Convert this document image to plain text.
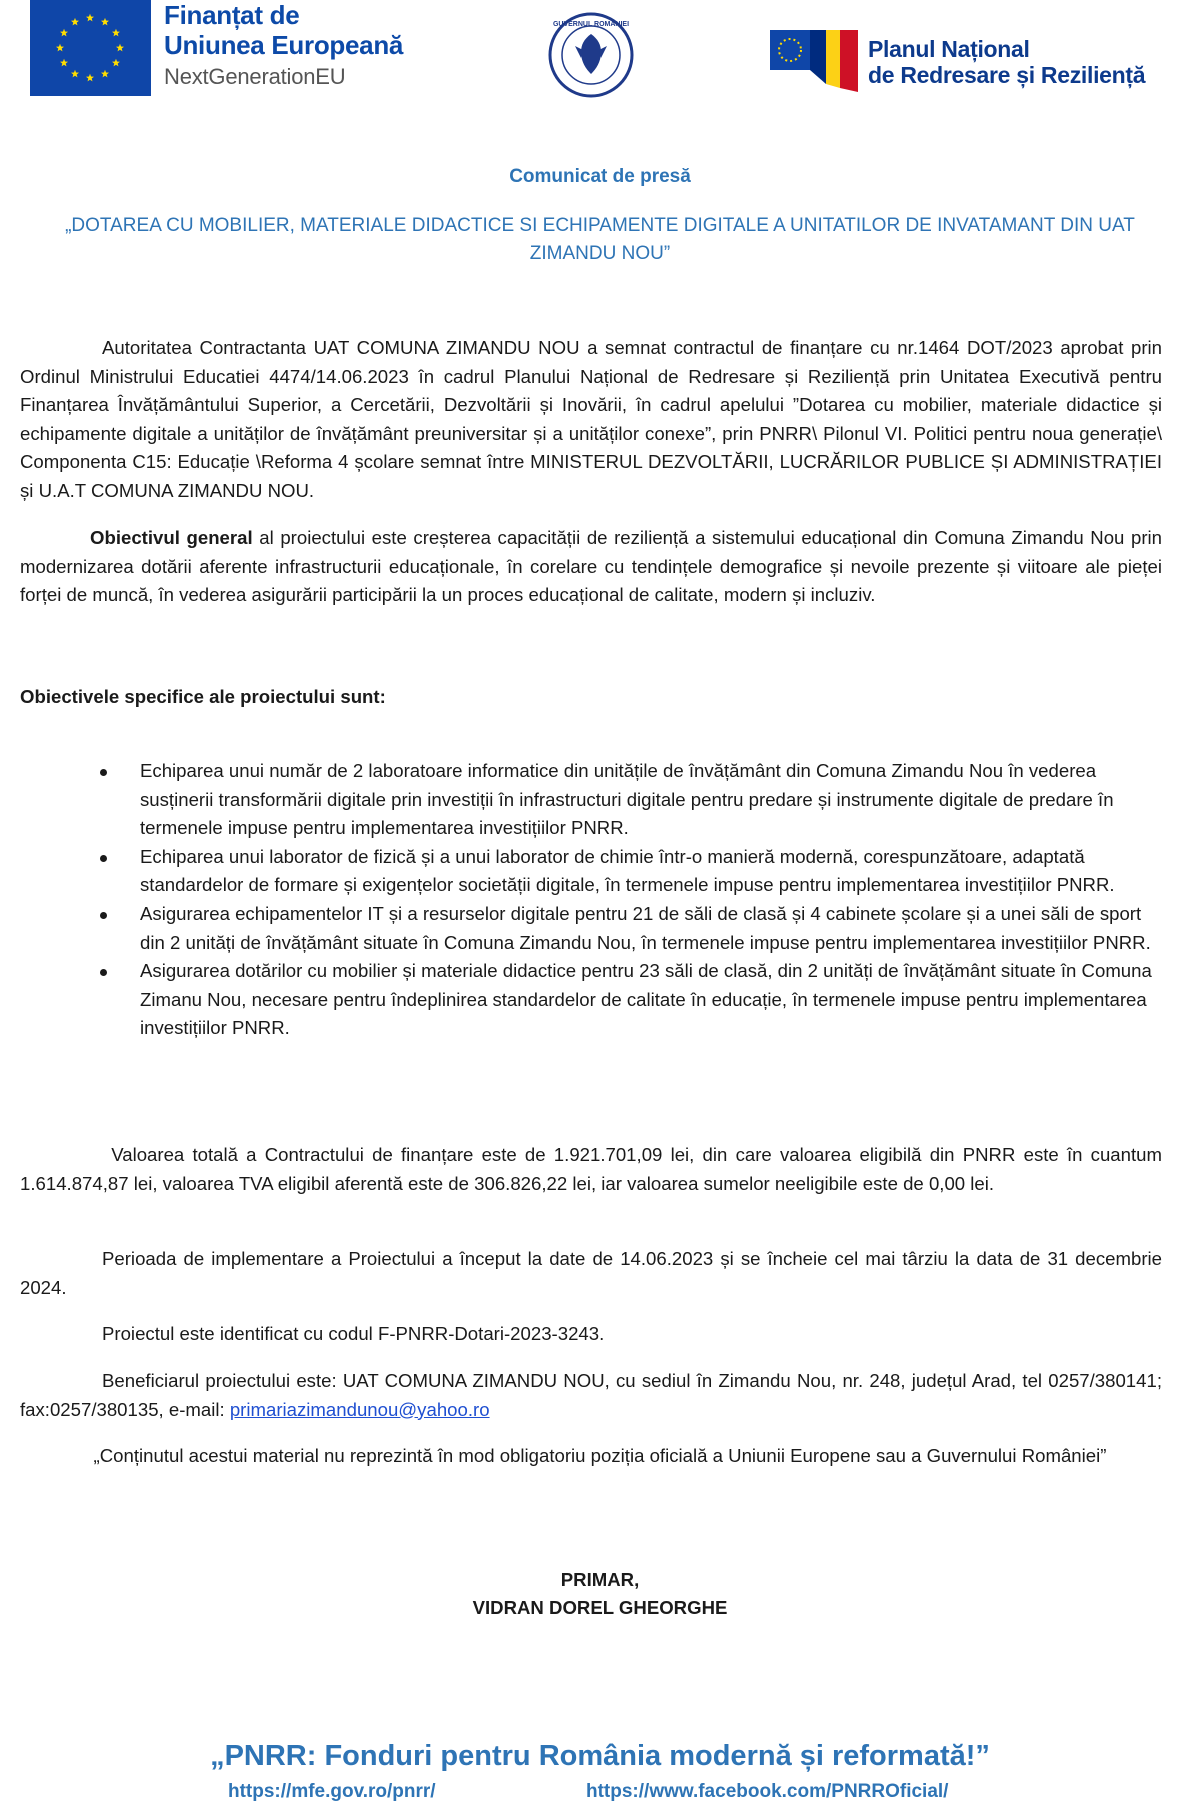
Finanțat de
Uniunea Europeană
NextGenerationEU
GUVERNUL ROMÂNIEI
Planul Național
de Redresare și Reziliență
Comunicat de presă
„DOTAREA CU MOBILIER, MATERIALE DIDACTICE SI ECHIPAMENTE DIGITALE A UNITATILOR DE INVATAMANT DIN UAT ZIMANDU NOU”
Autoritatea Contractanta UAT COMUNA ZIMANDU NOU a semnat contractul de finanțare cu nr.1464 DOT/2023 aprobat prin Ordinul Ministrului Educatiei 4474/14.06.2023 în cadrul Planului Național de Redresare și Reziliență prin Unitatea Executivă pentru Finanțarea Învățământului Superior, a Cercetării, Dezvoltării și Inovării, în cadrul apelului ”Dotarea cu mobilier, materiale didactice și echipamente digitale a unităților de învățământ preuniversitar și a unităților conexe”, prin PNRR\ Pilonul VI. Politici pentru noua generație\ Componenta C15: Educație \Reforma 4 școlare semnat între MINISTERUL DEZVOLTĂRII, LUCRĂRILOR PUBLICE ȘI ADMINISTRAȚIEI și U.A.T COMUNA ZIMANDU NOU.
Obiectivul general al proiectului este creșterea capacității de reziliență a sistemului educațional din Comuna Zimandu Nou prin modernizarea dotării aferente infrastructurii educaționale, în corelare cu tendințele demografice și nevoile prezente și viitoare ale pieței forței de muncă, în vederea asigurării participării la un proces educațional de calitate, modern și incluziv.
Obiectivele specifice ale proiectului sunt:
Echiparea unui număr de 2 laboratoare informatice din unitățile de învățământ din Comuna Zimandu Nou în vederea susținerii transformării digitale prin investiții în infrastructuri digitale pentru predare și instrumente digitale de predare în termenele impuse pentru implementarea investițiilor PNRR.
Echiparea unui laborator de fizică și a unui laborator de chimie într-o manieră modernă, corespunzătoare, adaptată standardelor de formare și exigențelor societății digitale, în termenele impuse pentru implementarea investițiilor PNRR.
Asigurarea echipamentelor IT și a resurselor digitale pentru 21 de săli de clasă și 4 cabinete școlare și a unei săli de sport din 2 unități de învățământ situate în Comuna Zimandu Nou, în termenele impuse pentru implementarea investițiilor PNRR.
Asigurarea dotărilor cu mobilier și materiale didactice pentru 23 săli de clasă, din 2 unități de învățământ situate în Comuna Zimanu Nou, necesare pentru îndeplinirea standardelor de calitate în educație, în termenele impuse pentru implementarea investițiilor PNRR.
Valoarea totală a Contractului de finanțare este de 1.921.701,09 lei, din care valoarea eligibilă din PNRR este în cuantum 1.614.874,87 lei, valoarea TVA eligibil aferentă este de 306.826,22 lei, iar valoarea sumelor neeligibile este de 0,00 lei.
Perioada de implementare a Proiectului a început la date de 14.06.2023 și se încheie cel mai târziu la data de 31 decembrie 2024.
Proiectul este identificat cu codul F-PNRR-Dotari-2023-3243.
Beneficiarul proiectului este: UAT COMUNA ZIMANDU NOU, cu sediul în Zimandu Nou, nr. 248, județul Arad, tel 0257/380141; fax:0257/380135, e-mail: primariazimandunou@yahoo.ro
„Conținutul acestui material nu reprezintă în mod obligatoriu poziția oficială a Uniunii Europene sau a Guvernului României”
PRIMAR,
VIDRAN DOREL GHEORGHE
„PNRR: Fonduri pentru România modernă și reformată!”
https://mfe.gov.ro/pnrr/	https://www.facebook.com/PNRROficial/
